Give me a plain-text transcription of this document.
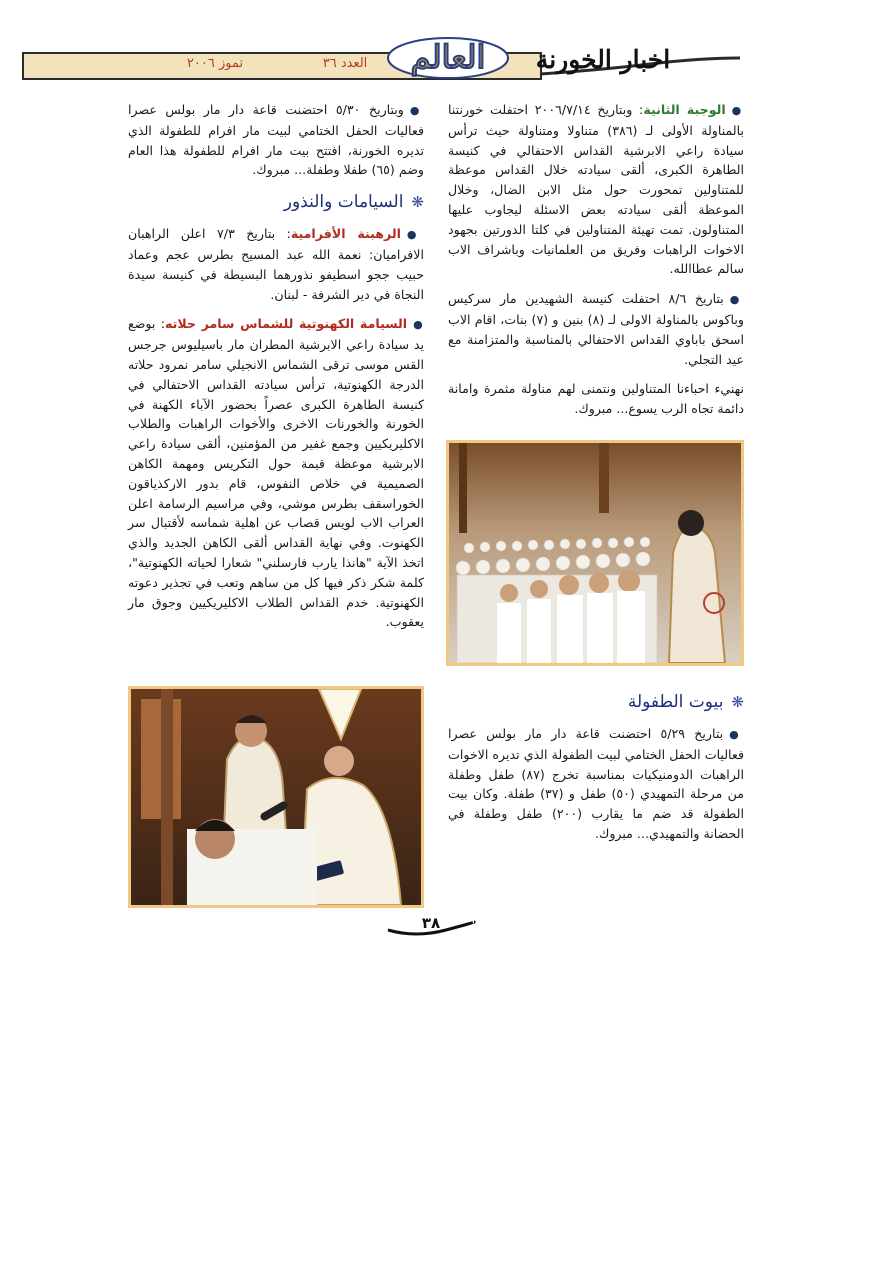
تموز ٢٠٠٦	العدد ٣٦	العالم	اخبار الخورنة

●الوجبة الثانية: وبتاريخ ٢٠٠٦/٧/١٤ احتفلت خورنتنا بالمناولة الأولى لـ (٣٨٦) متناولا ومتناولة حيث ترأس سيادة راعي الابرشية القداس الاحتفالي في كنيسة الطاهرة الكبرى، ألقى سيادته خلال القداس موعظة للمتناولين تمحورت حول مثل الابن الضال، وخلال الموعظة ألقى سيادته بعض الاسئلة ليجاوب عليها المتناولون. تمت تهيئة المتناولين في كلتا الدورتين بجهود الاخوات الراهبات وفريق من العلمانيات وباشراف الاب سالم عطاالله.

●بتاريخ ٨/٦ احتفلت كنيسة الشهيدين مار سركيس وباكوس بالمناولة الاولى لـ (٨) بنين و (٧) بنات، اقام الاب اسحق باباوي القداس الاحتفالي بالمناسبة والمتزامنة مع عيد التجلي.

نهنيء احباءنا المتناولين ونتمنى لهم مناولة مثمرة وامانة دائمة تجاه الرب يسوع... مبروك.

❋بيوت الطفولة

●بتاريخ ٥/٢٩ احتضنت قاعة دار مار بولس عصرا فعاليات الحفل الختامي لبيت الطفولة الذي تديره الاخوات الراهبات الدومنيكيات بمناسبة تخرج (٨٧) طفل وطفلة من مرحلة التمهيدي (٥٠) طفل و (٣٧) طفلة. وكان بيت الطفولة قد ضم ما يقارب (٢٠٠) طفل وطفلة في الحضانة والتمهيدي... مبروك.

●وبتاريخ ٥/٣٠ احتضنت قاعة دار مار بولس عصرا فعاليات الحفل الختامي لبيت مار افرام للطفولة الذي تديره الخورنة، افتتح بيت مار افرام للطفولة هذا العام وضم (٦٥) طفلا وطفلة... مبروك.

❋السيامات والنذور

●الرهبنة الأفرامية: بتاريخ ٧/٣ اعلن الراهبان الافراميان: نعمة الله عبد المسيح بطرس عجم وعماد حبيب ججو اسطيفو نذورهما البسيطة في كنيسة سيدة النجاة في دير الشرفة - لبنان.

●السيامة الكهنوتية للشماس سامر حلاته: بوضع يد سيادة راعي الابرشية المطران مار باسيليوس جرجس القس موسى ترقى الشماس الانجيلي سامر نمرود حلاته الدرجة الكهنوتية، ترأس سيادته القداس الاحتفالي في كنيسة الطاهرة الكبرى عصراً بحضور الآباء الكهنة في الخورنة والخورنات الاخرى والأخوات الراهبات والطلاب الاكليريكيين وجمع غفير من المؤمنين، ألقى سيادة راعي الابرشية موعظة قيمة حول التكريس ومهمة الكاهن الصميمية في خلاص النفوس، قام بدور الاركذياقون الخوراسقف بطرس موشي، وفي مراسيم الرسامة اعلن العراب الاب لويس قصاب عن اهلية شماسه لأقتبال سر الكهنوت. وفي نهاية القداس ألقى الكاهن الجديد والذي اتخذ الآية "هانذا يارب فارسلني" شعارا لحياته الكهنوتية"، كلمة شكر ذكر فيها كل من ساهم وتعب في تجذير دعوته الكهنوتية. خدم القداس الطلاب الاكليريكيين وجوق مار يعقوب.

٣٨
